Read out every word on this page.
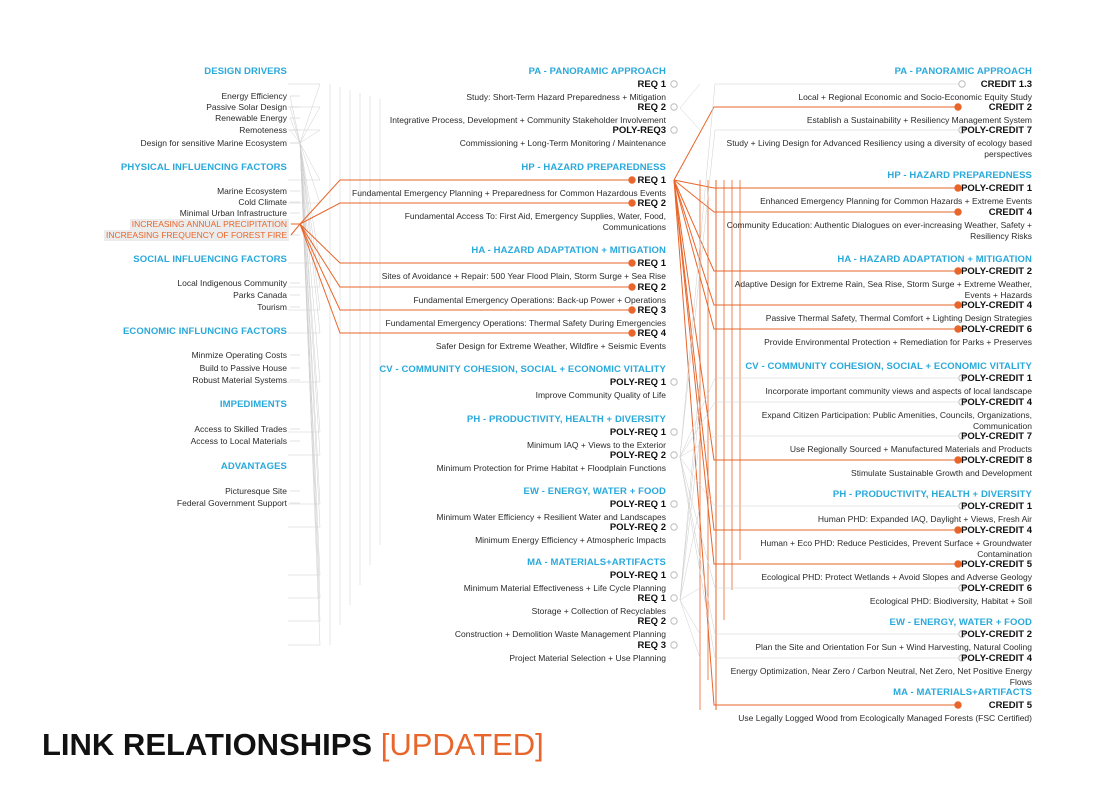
DESIGN DRIVERS
Energy Efficiency
Passive Solar Design
Renewable Energy
Remoteness
Design for sensitive Marine Ecosystem
PHYSICAL INFLUENCING FACTORS
Marine Ecosystem
Cold Climate
Minimal Urban Infrastructure
INCREASING ANNUAL PRECIPITATION
INCREASING FREQUENCY OF FOREST FIRE
SOCIAL INFLUENCING FACTORS
Local Indigenous Community
Parks Canada
Tourism
ECONOMIC INFLUNCING FACTORS
Minmize Operating Costs
Build to Passive House
Robust Material Systems
IMPEDIMENTS
Access to Skilled Trades
Access to Local Materials
ADVANTAGES
Picturesque Site
Federal Government Support
PA - PANORAMIC APPROACH
REQ 1
Study: Short-Term Hazard Preparedness + Mitigation
REQ 2
Integrative Process, Development + Community Stakeholder Involvement
POLY-REQ3
Commissioning + Long-Term Monitoring / Maintenance
HP - HAZARD PREPAREDNESS
REQ 1
Fundamental Emergency Planning + Preparedness for Common Hazardous Events
REQ 2
Fundamental Access To: First Aid, Emergency Supplies, Water, Food,
Communications
HA - HAZARD ADAPTATION + MITIGATION
REQ 1
Sites of Avoidance + Repair: 500 Year Flood Plain, Storm Surge + Sea Rise
REQ 2
Fundamental Emergency Operations: Back-up Power + Operations
REQ 3
Fundamental Emergency Operations: Thermal Safety During Emergencies
REQ 4
Safer Design for Extreme Weather, Wildfire + Seismic Events
CV - COMMUNITY COHESION, SOCIAL + ECONOMIC VITALITY
POLY-REQ 1
Improve Community Quality of Life
PH - PRODUCTIVITY, HEALTH + DIVERSITY
POLY-REQ 1
Minimum IAQ + Views to the Exterior
POLY-REQ 2
Minimum Protection for Prime Habitat + Floodplain Functions
EW - ENERGY, WATER + FOOD
POLY-REQ 1
Minimum Water Efficiency + Resilient Water and Landscapes
POLY-REQ 2
Minimum Energy Efficiency + Atmospheric Impacts
MA - MATERIALS+ARTIFACTS
POLY-REQ 1
Minimum Material Effectiveness + Life Cycle Planning
REQ 1
Storage + Collection of Recyclables
REQ 2
Construction + Demolition Waste Management Planning
REQ 3
Project Material Selection + Use Planning
PA - PANORAMIC APPROACH
CREDIT 1.3
Local + Regional Economic and Socio-Economic Equity Study
CREDIT 2
Establish a Sustainability + Resiliency Management System
POLY-CREDIT 7
Study + Living Design for Advanced Resiliency using a diversity of ecology based
perspectives
HP - HAZARD PREPAREDNESS
POLY-CREDIT 1
Enhanced Emergency Planning for Common Hazards + Extreme Events
CREDIT 4
Community Education: Authentic Dialogues on ever-increasing Weather, Safety +
Resiliency Risks
HA - HAZARD ADAPTATION + MITIGATION
POLY-CREDIT 2
Adaptive Design for Extreme Rain, Sea Rise, Storm Surge + Extreme Weather,
Events + Hazards
POLY-CREDIT 4
Passive Thermal Safety, Thermal Comfort + Lighting Design Strategies
POLY-CREDIT 6
Provide Environmental Protection + Remediation for Parks + Preserves
CV - COMMUNITY COHESION, SOCIAL + ECONOMIC VITALITY
POLY-CREDIT 1
Incorporate important community views and aspects of local landscape
POLY-CREDIT 4
Expand Citizen Participation: Public Amenities, Councils, Organizations,
Communication
POLY-CREDIT 7
Use Regionally Sourced + Manufactured Materials and Products
POLY-CREDIT 8
Stimulate Sustainable Growth and Development
PH - PRODUCTIVITY, HEALTH + DIVERSITY
POLY-CREDIT 1
Human PHD: Expanded IAQ, Daylight + Views, Fresh Air
POLY-CREDIT 4
Human + Eco PHD: Reduce Pesticides, Prevent Surface + Groundwater
Contamination
POLY-CREDIT 5
Ecological PHD: Protect Wetlands + Avoid Slopes and Adverse Geology
POLY-CREDIT 6
Ecological PHD: Biodiversity, Habitat + Soil
EW - ENERGY, WATER + FOOD
POLY-CREDIT 2
Plan the Site and Orientation For Sun + Wind Harvesting, Natural Cooling
POLY-CREDIT 4
Energy Optimization, Near Zero / Carbon Neutral, Net Zero, Net Positive Energy
Flows
MA - MATERIALS+ARTIFACTS
CREDIT 5
Use Legally Logged Wood from Ecologically Managed Forests (FSC Certified)
LINK RELATIONSHIPS [UPDATED]
